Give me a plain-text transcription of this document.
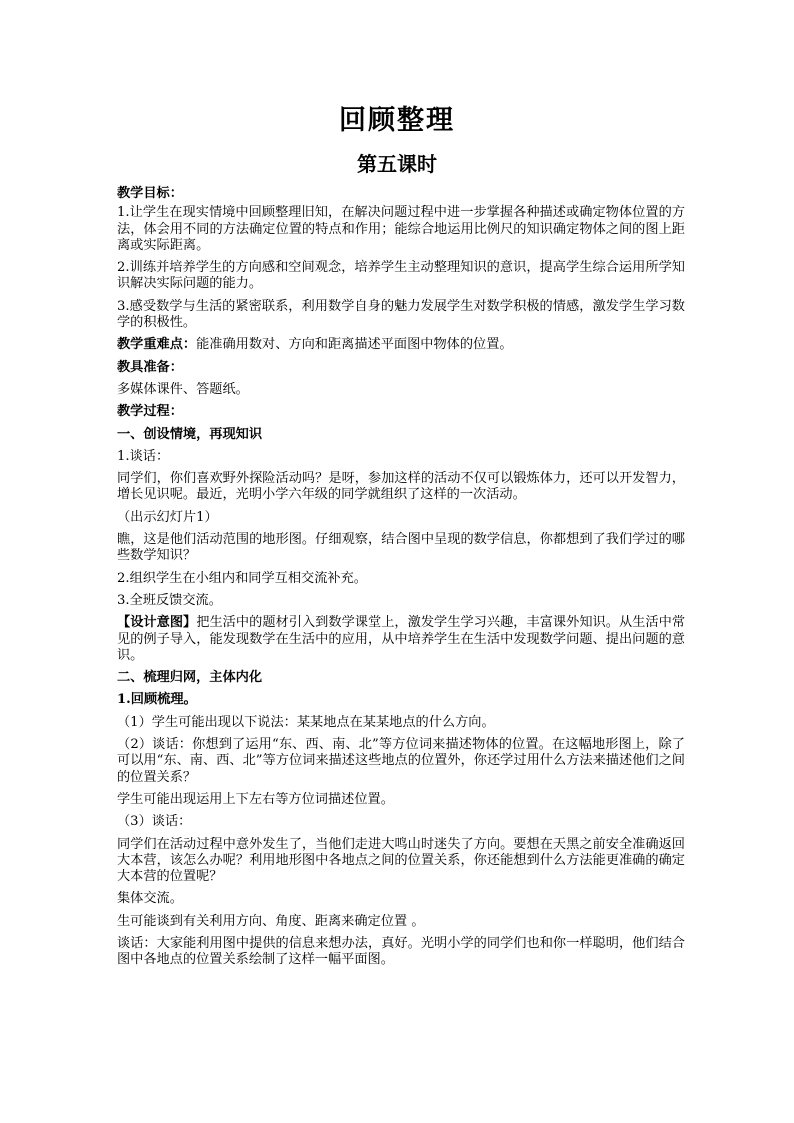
回顾整理
第五课时

教学目标：

1.让学生在现实情境中回顾整理旧知，在解决问题过程中进一步掌握各种描述或确定物体位置的方法，体会用不同的方法确定位置的特点和作用；能综合地运用比例尺的知识确定物体之间的图上距离或实际距离。

2.训练并培养学生的方向感和空间观念，培养学生主动整理知识的意识，提高学生综合运用所学知识解决实际问题的能力。

3.感受数学与生活的紧密联系，利用数学自身的魅力发展学生对数学积极的情感，激发学生学习数学的积极性。

教学重难点：能准确用数对、方向和距离描述平面图中物体的位置。

教具准备：

多媒体课件、答题纸。

教学过程：

一、创设情境，再现知识

1.谈话：

同学们，你们喜欢野外探险活动吗？是呀，参加这样的活动不仅可以锻炼体力，还可以开发智力，增长见识呢。最近，光明小学六年级的同学就组织了这样的一次活动。

（出示幻灯片1）

瞧，这是他们活动范围的地形图。仔细观察，结合图中呈现的数学信息，你都想到了我们学过的哪些数学知识？

2.组织学生在小组内和同学互相交流补充。

3.全班反馈交流。

【设计意图】把生活中的题材引入到数学课堂上，激发学生学习兴趣，丰富课外知识。从生活中常见的例子导入，能发现数学在生活中的应用，从中培养学生在生活中发现数学问题、提出问题的意识。

二、梳理归网，主体内化

1.回顾梳理。

（1）学生可能出现以下说法：某某地点在某某地点的什么方向。

（2）谈话：你想到了运用“东、西、南、北”等方位词来描述物体的位置。在这幅地形图上，除了可以用“东、南、西、北”等方位词来描述这些地点的位置外，你还学过用什么方法来描述他们之间的位置关系？

学生可能出现运用上下左右等方位词描述位置。

（3）谈话：

同学们在活动过程中意外发生了，当他们走进大鸣山时迷失了方向。要想在天黑之前安全准确返回大本营，该怎么办呢？利用地形图中各地点之间的位置关系，你还能想到什么方法能更准确的确定大本营的位置呢？

集体交流。

生可能谈到有关利用方向、角度、距离来确定位置 。

谈话：大家能利用图中提供的信息来想办法，真好。光明小学的同学们也和你一样聪明，他们结合图中各地点的位置关系绘制了这样一幅平面图。
